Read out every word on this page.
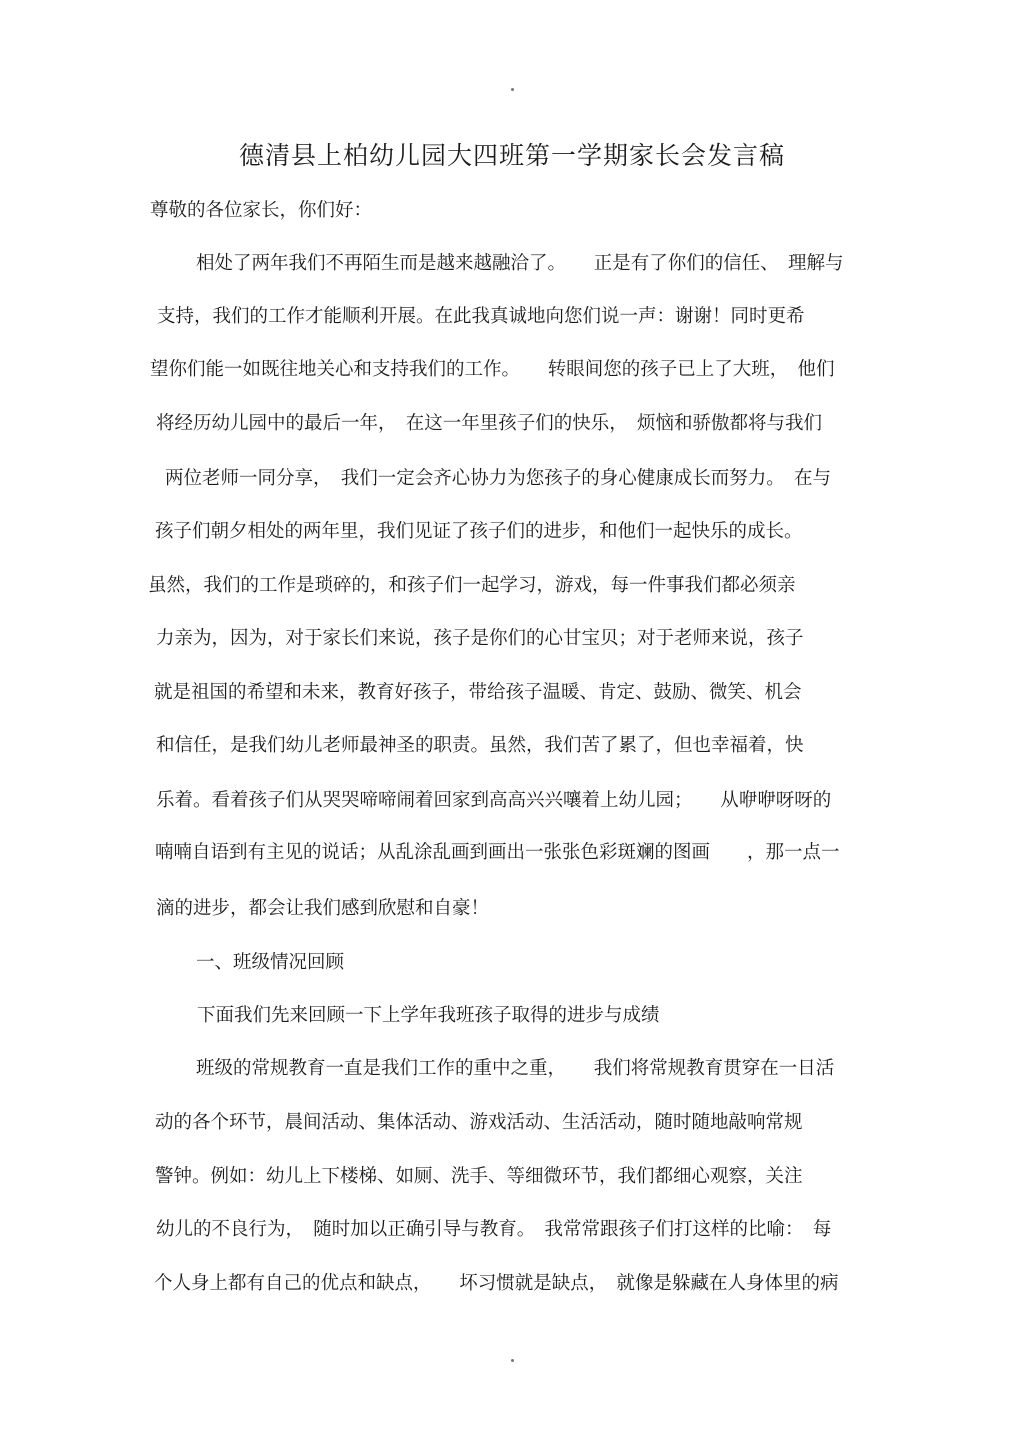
德清县上柏幼儿园大四班第一学期家长会发言稿
尊敬的各位家长，你们好：
相处了两年我们不再陌生而是越来越融洽了。　　正是有了你们的信任、　理解与
支持，我们的工作才能顺利开展。在此我真诚地向您们说一声：谢谢！同时更希
望你们能一如既往地关心和支持我们的工作。　　转眼间您的孩子已上了大班，　他们
将经历幼儿园中的最后一年，　在这一年里孩子们的快乐，　烦恼和骄傲都将与我们
两位老师一同分享，　我们一定会齐心协力为您孩子的身心健康成长而努力。　在与
孩子们朝夕相处的两年里，我们见证了孩子们的进步，和他们一起快乐的成长。
虽然，我们的工作是琐碎的，和孩子们一起学习，游戏，每一件事我们都必须亲
力亲为，因为，对于家长们来说，孩子是你们的心甘宝贝；对于老师来说，孩子
就是祖国的希望和未来，教育好孩子，带给孩子温暖、肯定、鼓励、微笑、机会
和信任，是我们幼儿老师最神圣的职责。虽然，我们苦了累了，但也幸福着，快
乐着。看着孩子们从哭哭啼啼闹着回家到高高兴兴嚷着上幼儿园；　　从咿咿呀呀的
喃喃自语到有主见的说话；从乱涂乱画到画出一张张色彩斑斓的图画　　，那一点一
滴的进步，都会让我们感到欣慰和自豪！
一、班级情况回顾
下面我们先来回顾一下上学年我班孩子取得的进步与成绩
班级的常规教育一直是我们工作的重中之重，　　我们将常规教育贯穿在一日活
动的各个环节，晨间活动、集体活动、游戏活动、生活活动，随时随地敲响常规
警钟。例如：幼儿上下楼梯、如厕、洗手、等细微环节，我们都细心观察，关注
幼儿的不良行为，　随时加以正确引导与教育。　我常常跟孩子们打这样的比喻：　每
个人身上都有自己的优点和缺点，　　坏习惯就是缺点，　就像是躲藏在人身体里的病
